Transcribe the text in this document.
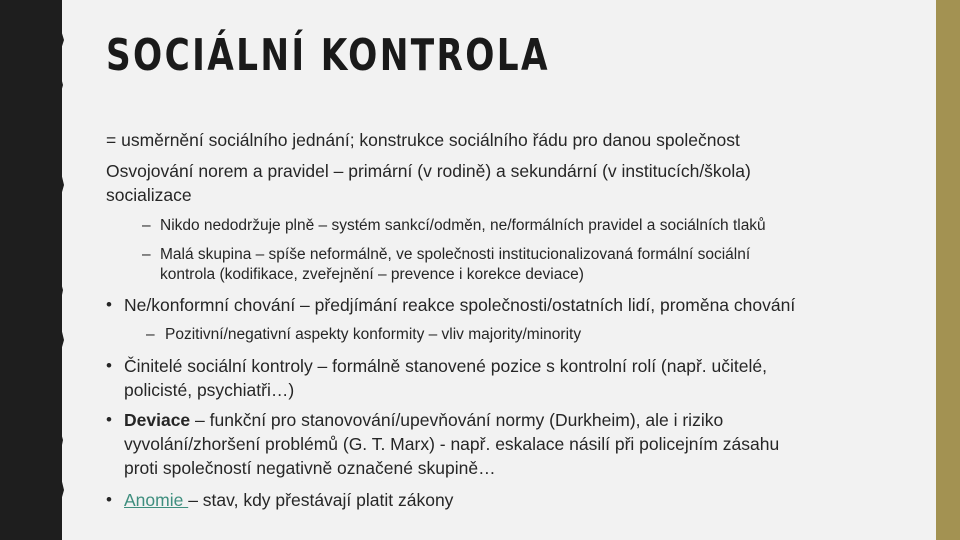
SOCIÁLNÍ KONTROLA
= usměrnění sociálního jednání; konstrukce sociálního řádu pro danou společnost
Osvojování norem a pravidel – primární (v rodině) a sekundární (v institucích/škola)
socializace
– Nikdo nedodržuje plně – systém sankcí/odměn, ne/formálních pravidel a sociálních tlaků
– Malá skupina – spíše neformálně, ve společnosti institucionalizovaná formální sociální
kontrola (kodifikace, zveřejnění – prevence i korekce deviace)
• Ne/konformní chování – předjímání reakce společnosti/ostatních lidí, proměna chování
– Pozitivní/negativní aspekty konformity – vliv majority/minority
• Činitelé sociální kontroly – formálně stanovené pozice s kontrolní rolí (např. učitelé,
policisté, psychiatři…)
• Deviace – funkční pro stanovování/upevňování normy (Durkheim), ale i riziko
vyvolání/zhoršení problémů (G. T. Marx) - např. eskalace násilí při policejním zásahu
proti společností negativně označené skupině…
• Anomie – stav, kdy přestávají platit zákony
